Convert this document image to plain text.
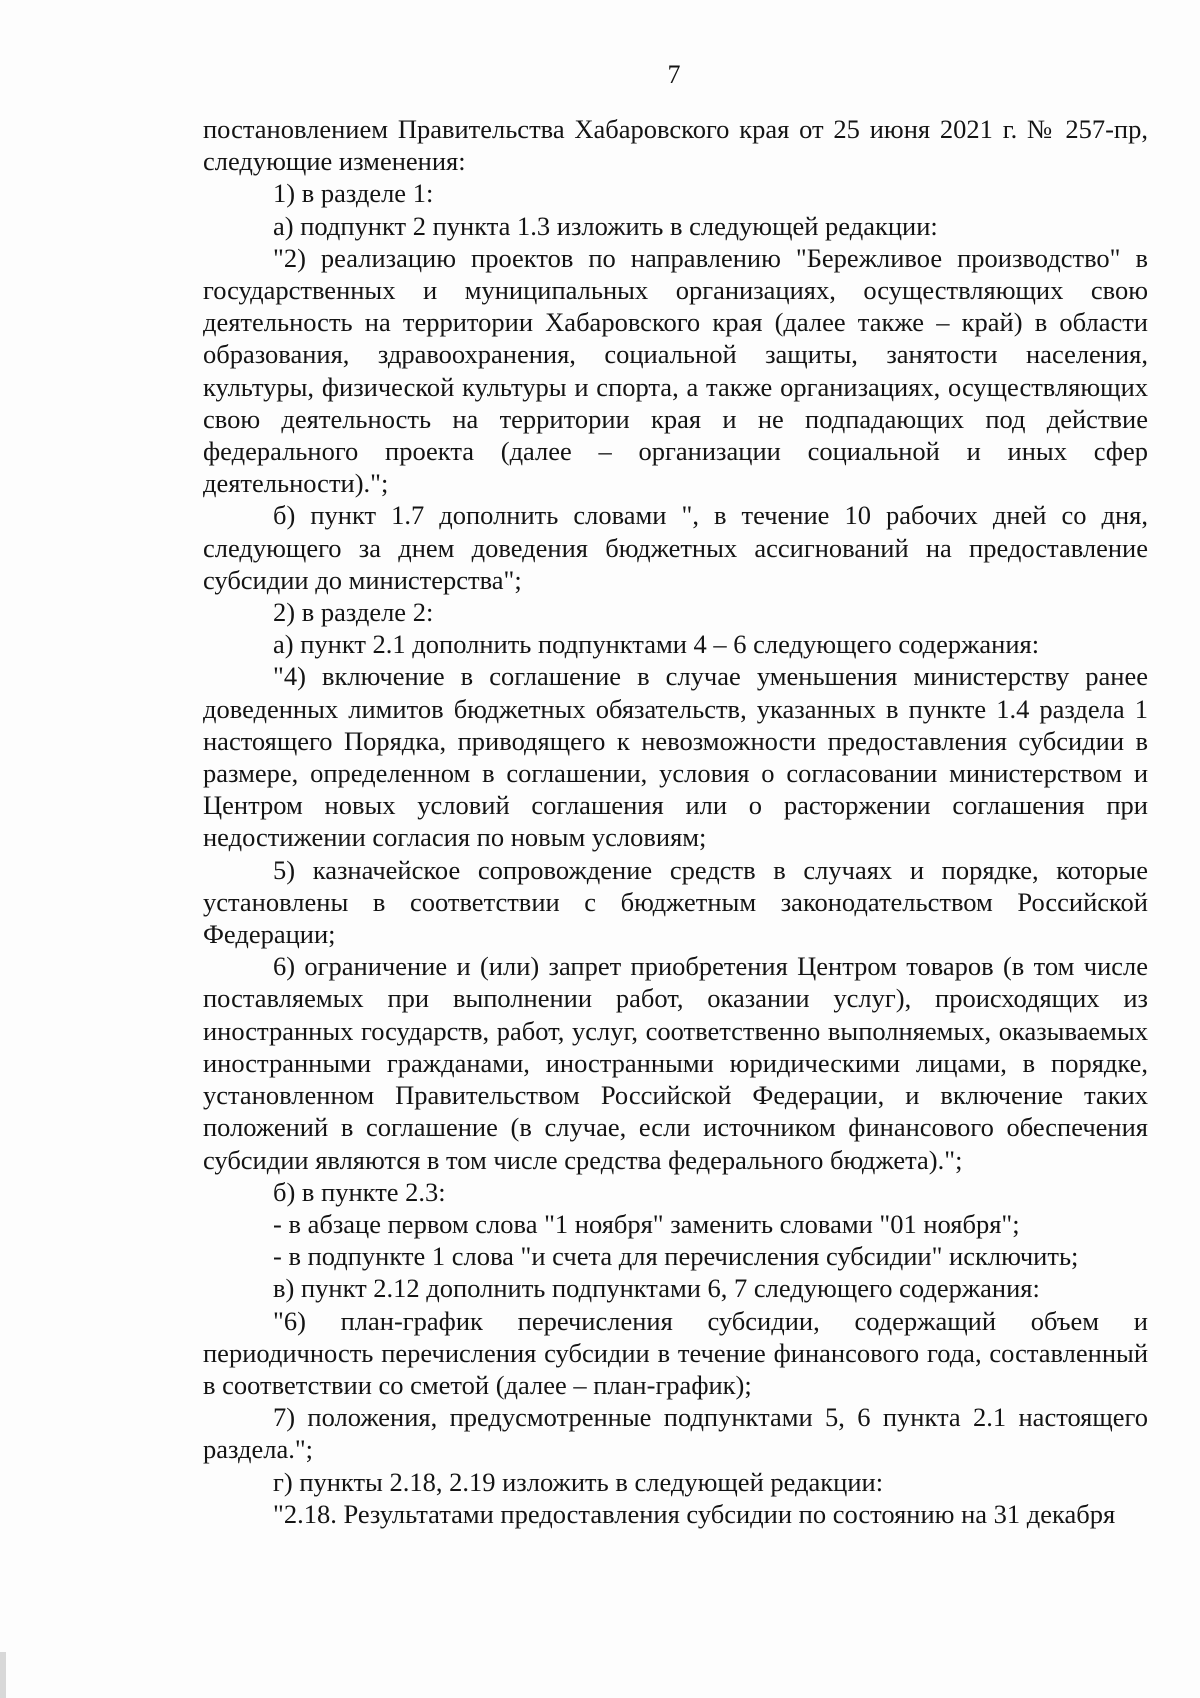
7

постановлением Правительства Хабаровского края от 25 июня 2021 г. № 257-пр, следующие изменения:

1) в разделе 1:

а) подпункт 2 пункта 1.3 изложить в следующей редакции:

"2) реализацию проектов по направлению "Бережливое производство" в государственных и муниципальных организациях, осуществляющих свою деятельность на территории Хабаровского края (далее также – край) в области образования, здравоохранения, социальной защиты, занятости населения, культуры, физической культуры и спорта, а также организациях, осуществляющих свою деятельность на территории края и не подпадающих под действие федерального проекта (далее – организации социальной и иных сфер деятельности).";

б) пункт 1.7 дополнить словами ", в течение 10 рабочих дней со дня, следующего за днем доведения бюджетных ассигнований на предоставление субсидии до министерства";

2) в разделе 2:

а) пункт 2.1 дополнить подпунктами 4 – 6 следующего содержания:

"4) включение в соглашение в случае уменьшения министерству ранее доведенных лимитов бюджетных обязательств, указанных в пункте 1.4 раздела 1 настоящего Порядка, приводящего к невозможности предоставления субсидии в размере, определенном в соглашении, условия о согласовании министерством и Центром новых условий соглашения или о расторжении соглашения при недостижении согласия по новым условиям;

5) казначейское сопровождение средств в случаях и порядке, которые установлены в соответствии с бюджетным законодательством Российской Федерации;

6) ограничение и (или) запрет приобретения Центром товаров (в том числе поставляемых при выполнении работ, оказании услуг), происходящих из иностранных государств, работ, услуг, соответственно выполняемых, оказываемых иностранными гражданами, иностранными юридическими лицами, в порядке, установленном Правительством Российской Федерации, и включение таких положений в соглашение (в случае, если источником финансового обеспечения субсидии являются в том числе средства федерального бюджета).";

б) в пункте 2.3:

- в абзаце первом слова "1 ноября" заменить словами "01 ноября";

- в подпункте 1 слова "и счета для перечисления субсидии" исключить;

в) пункт 2.12 дополнить подпунктами 6, 7 следующего содержания:

"6) план-график перечисления субсидии, содержащий объем и периодичность перечисления субсидии в течение финансового года, составленный в соответствии со сметой (далее – план-график);

7) положения, предусмотренные подпунктами 5, 6 пункта 2.1 настоящего раздела.";

г) пункты 2.18, 2.19 изложить в следующей редакции:

"2.18. Результатами предоставления субсидии по состоянию на 31 декабря
